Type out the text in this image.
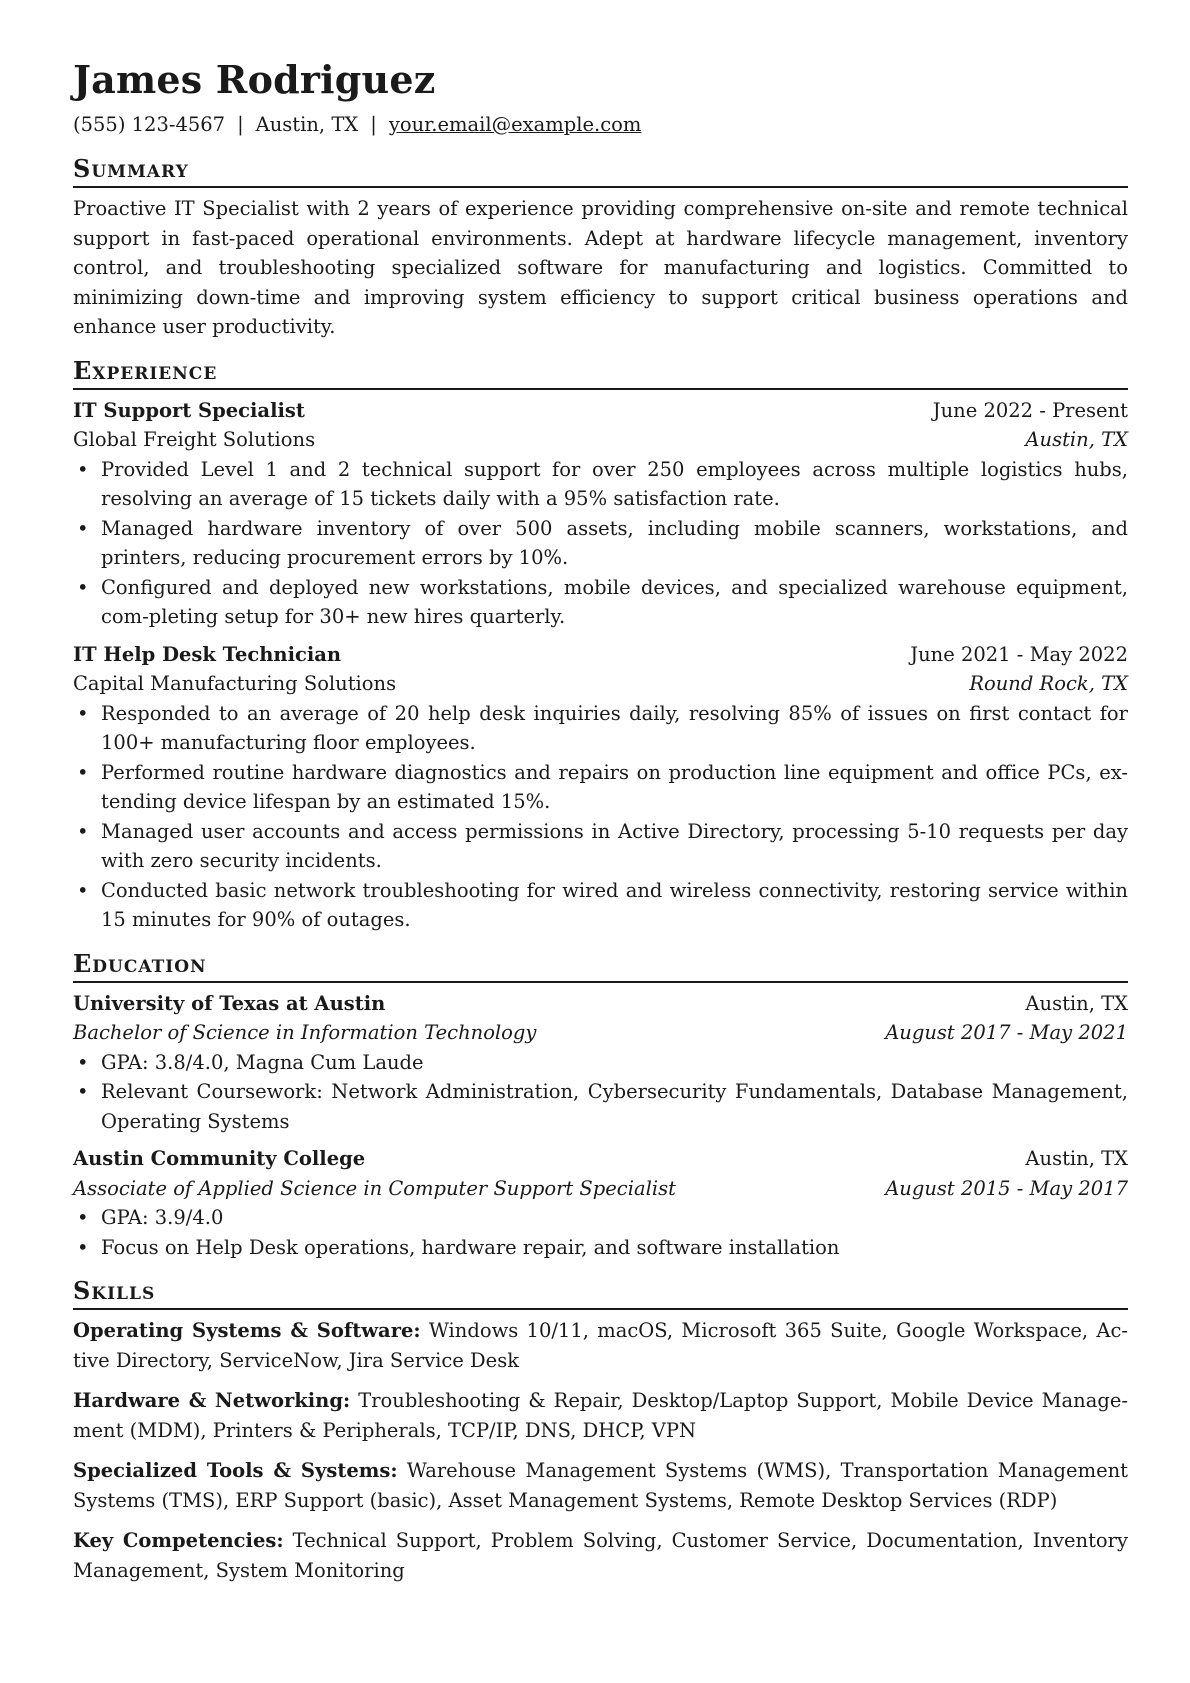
James Rodriguez
(555) 123-4567 | Austin, TX | your.email@example.com
Summary
Proactive IT Specialist with 2 years of experience providing comprehensive on-site and remote technical support in fast-paced operational environments. Adept at hardware lifecycle management, inventory control, and troubleshooting specialized software for manufacturing and logistics. Committed to minimizing down-time and improving system efficiency to support critical business operations and enhance user productivity.
Experience
IT Support Specialist	June 2022 - Present
Global Freight Solutions	Austin, TX
• Provided Level 1 and 2 technical support for over 250 employees across multiple logistics hubs, resolving an average of 15 tickets daily with a 95% satisfaction rate.
• Managed hardware inventory of over 500 assets, including mobile scanners, workstations, and printers, reducing procurement errors by 10%.
• Configured and deployed new workstations, mobile devices, and specialized warehouse equipment, com-pleting setup for 30+ new hires quarterly.
IT Help Desk Technician	June 2021 - May 2022
Capital Manufacturing Solutions	Round Rock, TX
• Responded to an average of 20 help desk inquiries daily, resolving 85% of issues on first contact for 100+ manufacturing floor employees.
• Performed routine hardware diagnostics and repairs on production line equipment and office PCs, ex-tending device lifespan by an estimated 15%.
• Managed user accounts and access permissions in Active Directory, processing 5-10 requests per day with zero security incidents.
• Conducted basic network troubleshooting for wired and wireless connectivity, restoring service within 15 minutes for 90% of outages.
Education
University of Texas at Austin	Austin, TX
Bachelor of Science in Information Technology	August 2017 - May 2021
• GPA: 3.8/4.0, Magna Cum Laude
• Relevant Coursework: Network Administration, Cybersecurity Fundamentals, Database Management, Operating Systems
Austin Community College	Austin, TX
Associate of Applied Science in Computer Support Specialist	August 2015 - May 2017
• GPA: 3.9/4.0
• Focus on Help Desk operations, hardware repair, and software installation
Skills
Operating Systems & Software: Windows 10/11, macOS, Microsoft 365 Suite, Google Workspace, Ac-tive Directory, ServiceNow, Jira Service Desk
Hardware & Networking: Troubleshooting & Repair, Desktop/Laptop Support, Mobile Device Manage-ment (MDM), Printers & Peripherals, TCP/IP, DNS, DHCP, VPN
Specialized Tools & Systems: Warehouse Management Systems (WMS), Transportation Management Systems (TMS), ERP Support (basic), Asset Management Systems, Remote Desktop Services (RDP)
Key Competencies: Technical Support, Problem Solving, Customer Service, Documentation, Inventory Management, System Monitoring
